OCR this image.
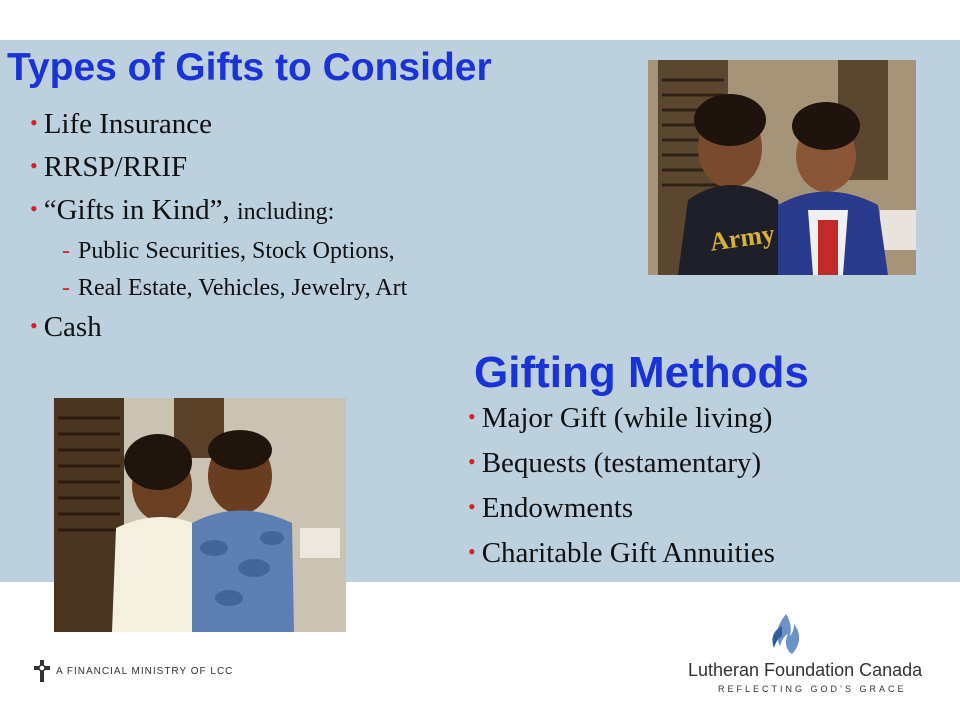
Types of Gifts to Consider
• Life Insurance
• RRSP/RRIF
• “Gifts in Kind”, including:
- Public Securities, Stock Options,
- Real Estate, Vehicles, Jewelry, Art
• Cash
Army
Gifting Methods
• Major Gift (while living)
• Bequests (testamentary)
• Endowments
• Charitable Gift Annuities
A FINANCIAL MINISTRY OF LCC	Lutheran Foundation Canada
REFLECTING GOD’S GRACE
